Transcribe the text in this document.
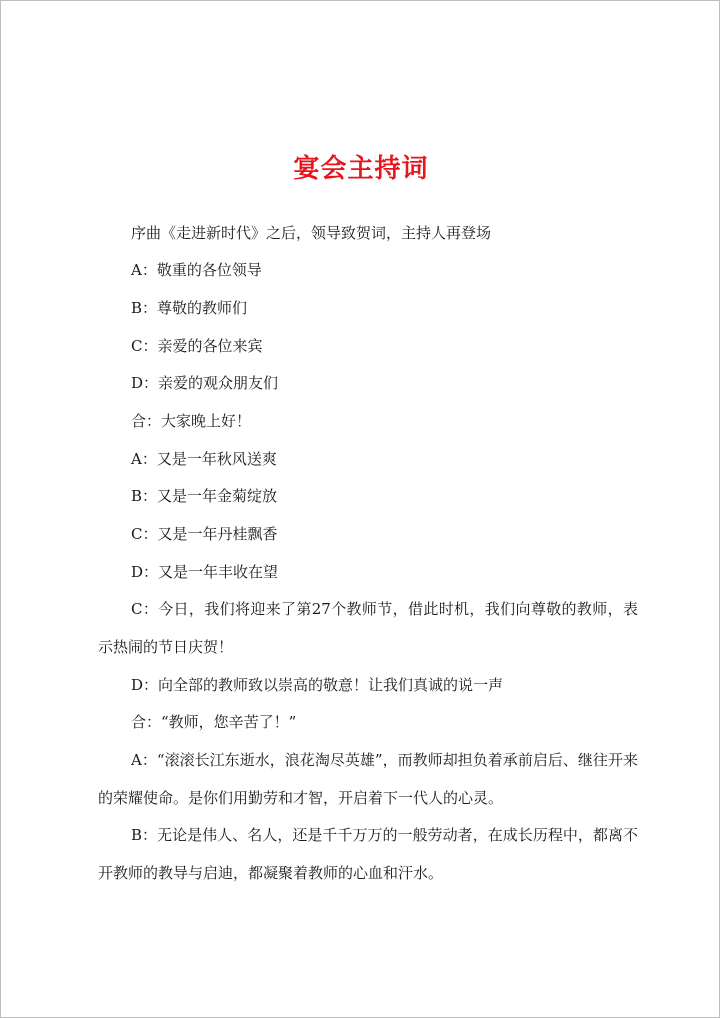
宴会主持词
序曲《走进新时代》之后，领导致贺词，主持人再登场
A：敬重的各位领导
B：尊敬的教师们
C：亲爱的各位来宾
D：亲爱的观众朋友们
合：大家晚上好！
A：又是一年秋风送爽
B：又是一年金菊绽放
C：又是一年丹桂飘香
D：又是一年丰收在望
C：今日，我们将迎来了第27个教师节，借此时机，我们向尊敬的教师，表示热闹的节日庆贺！
D：向全部的教师致以崇高的敬意！让我们真诚的说一声
合：“教师，您辛苦了！”
A：“滚滚长江东逝水，浪花淘尽英雄”，而教师却担负着承前启后、继往开来的荣耀使命。是你们用勤劳和才智，开启着下一代人的心灵。
B：无论是伟人、名人，还是千千万万的一般劳动者，在成长历程中，都离不开教师的教导与启迪，都凝聚着教师的心血和汗水。
